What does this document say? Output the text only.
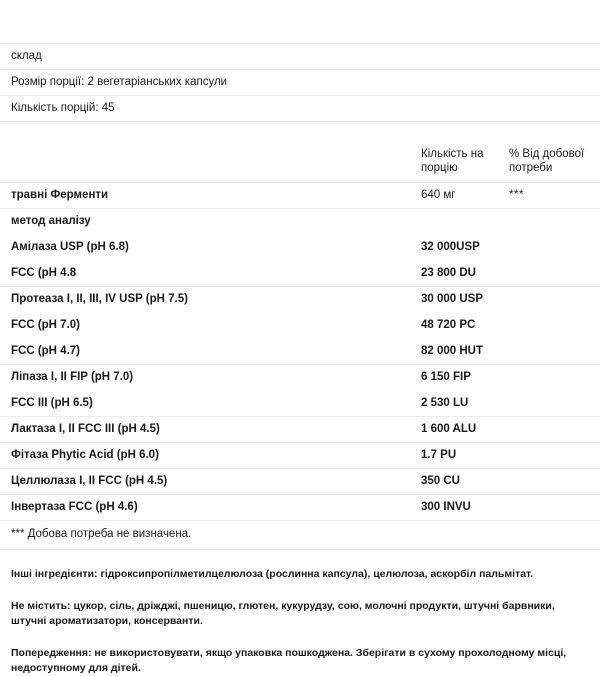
склад
Розмір порції: 2 вегетаріанських капсули
Кількість порцій: 45
Кількість на порцію
% Від добової потреби
травні Ферменти	640 мг	***
метод аналізу
Амілаза USP (pH 6.8)	32 000USP
FCC (pH 4.8	23 800 DU
Протеаза I, II, III, IV USP (pH 7.5)	30 000 USP
FCC (pH 7.0)	48 720 PC
FCC (pH 4.7)	82 000 HUT
Ліпаза I, II FIP (pH 7.0)	6 150 FIP
FCC III (pH 6.5)	2 530 LU
Лактаза I, II FCC III (pH 4.5)	1 600 ALU
Фітаза Phytic Acid (pH 6.0)	1.7 PU
Целлюлаза I, II FCC (pH 4.5)	350 CU
Інвертаза FCC (pH 4.6)	300 INVU
*** Добова потреба не визначена.

Інші інгредієнти: гідроксипропілметилцелюлоза (рослинна капсула), целюлоза, аскорбіл пальмітат.

Не містить: цукор, сіль, дріжджі, пшеницю, глютен, кукурудзу, сою, молочні продукти, штучні барвники, штучні ароматизатори, консерванти.

Попередження: не використовувати, якщо упаковка пошкоджена. Зберігати в сухому прохолодному місці, недоступному для дітей.
